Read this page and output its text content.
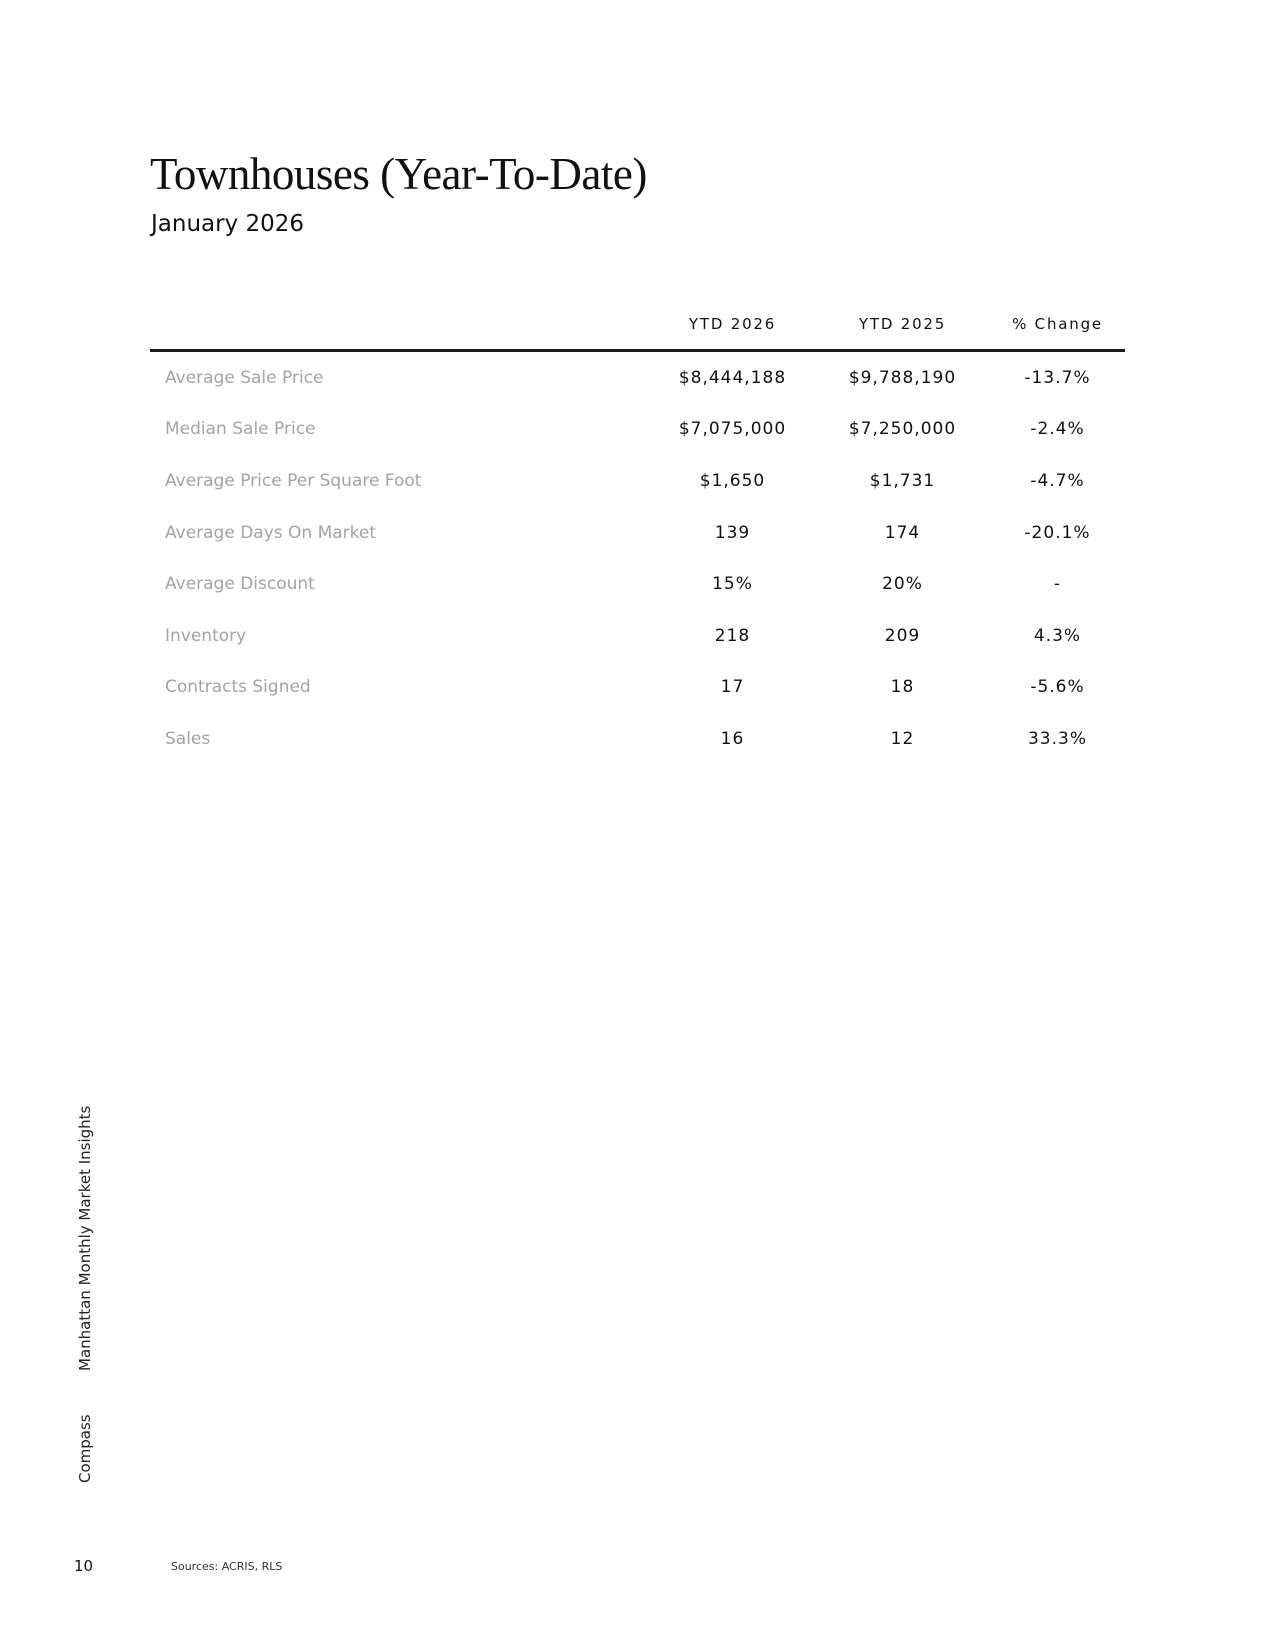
Townhouses (Year-To-Date)
January 2026
	YTD 2026	YTD 2025	% Change
Average Sale Price	$8,444,188	$9,788,190	-13.7%
Median Sale Price	$7,075,000	$7,250,000	-2.4%
Average Price Per Square Foot	$1,650	$1,731	-4.7%
Average Days On Market	139	174	-20.1%
Average Discount	15%	20%	-
Inventory	218	209	4.3%
Contracts Signed	17	18	-5.6%
Sales	16	12	33.3%
Compass
Manhattan Monthly Market Insights
10	Sources: ACRIS, RLS
